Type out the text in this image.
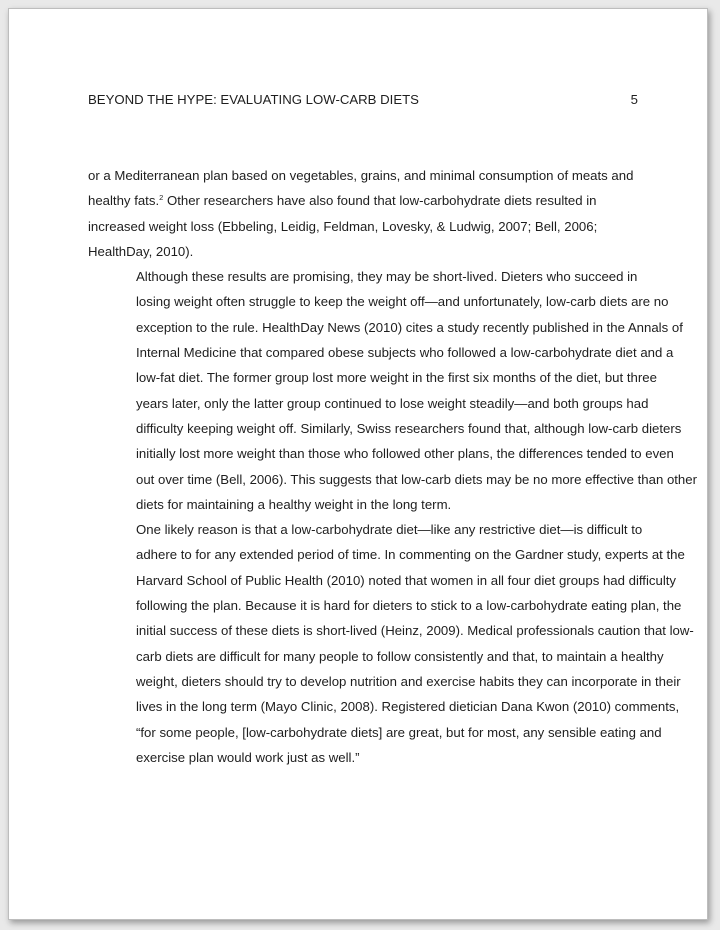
BEYOND THE HYPE: EVALUATING LOW-CARB DIETS	5

or a Mediterranean plan based on vegetables, grains, and minimal consumption of meats and
healthy fats.$^2$ Other researchers have also found that low-carbohydrate diets resulted in
increased weight loss (Ebbeling, Leidig, Feldman, Lovesky, & Ludwig, 2007; Bell, 2006;
HealthDay, 2010).

Although these results are promising, they may be short-lived. Dieters who succeed in
losing weight often struggle to keep the weight off—and unfortunately, low-carb diets are no
exception to the rule. HealthDay News (2010) cites a study recently published in the Annals of
Internal Medicine that compared obese subjects who followed a low-carbohydrate diet and a
low-fat diet. The former group lost more weight in the first six months of the diet, but three
years later, only the latter group continued to lose weight steadily—and both groups had
difficulty keeping weight off. Similarly, Swiss researchers found that, although low-carb dieters
initially lost more weight than those who followed other plans, the differences tended to even
out over time (Bell, 2006). This suggests that low-carb diets may be no more effective than other
diets for maintaining a healthy weight in the long term.

One likely reason is that a low-carbohydrate diet—like any restrictive diet—is difficult to
adhere to for any extended period of time. In commenting on the Gardner study, experts at the
Harvard School of Public Health (2010) noted that women in all four diet groups had difficulty
following the plan. Because it is hard for dieters to stick to a low-carbohydrate eating plan, the
initial success of these diets is short-lived (Heinz, 2009). Medical professionals caution that low-
carb diets are difficult for many people to follow consistently and that, to maintain a healthy
weight, dieters should try to develop nutrition and exercise habits they can incorporate in their
lives in the long term (Mayo Clinic, 2008). Registered dietician Dana Kwon (2010) comments,
“for some people, [low-carbohydrate diets] are great, but for most, any sensible eating and
exercise plan would work just as well.”
